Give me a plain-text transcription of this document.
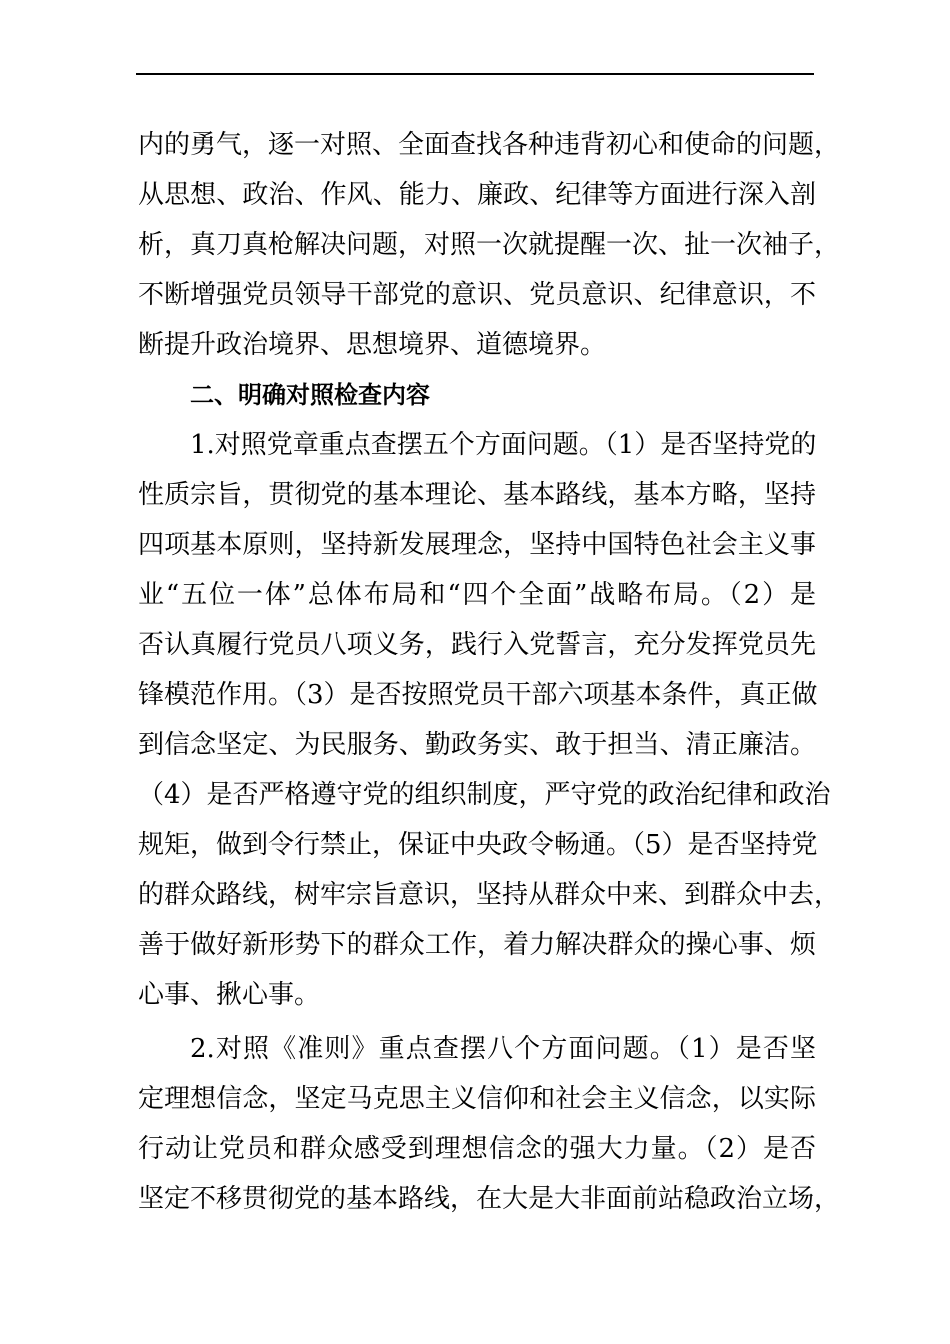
内的勇气，逐一对照、全面查找各种违背初心和使命的问题，
从思想、政治、作风、能力、廉政、纪律等方面进行深入剖
析，真刀真枪解决问题，对照一次就提醒一次、扯一次袖子，
不断增强党员领导干部党的意识、党员意识、纪律意识，不
断提升政治境界、思想境界、道德境界。
二、明确对照检查内容
1.对照党章重点查摆五个方面问题。（1）是否坚持党的
性质宗旨，贯彻党的基本理论、基本路线，基本方略，坚持
四项基本原则，坚持新发展理念，坚持中国特色社会主义事
业“五位一体”总体布局和“四个全面”战略布局。（2）是
否认真履行党员八项义务，践行入党誓言，充分发挥党员先
锋模范作用。（3）是否按照党员干部六项基本条件，真正做
到信念坚定、为民服务、勤政务实、敢于担当、清正廉洁。
（4）是否严格遵守党的组织制度，严守党的政治纪律和政治
规矩，做到令行禁止，保证中央政令畅通。（5）是否坚持党
的群众路线，树牢宗旨意识，坚持从群众中来、到群众中去，
善于做好新形势下的群众工作，着力解决群众的操心事、烦
心事、揪心事。
2.对照《准则》重点查摆八个方面问题。（1）是否坚
定理想信念，坚定马克思主义信仰和社会主义信念，以实际
行动让党员和群众感受到理想信念的强大力量。（2）是否
坚定不移贯彻党的基本路线，在大是大非面前站稳政治立场，
